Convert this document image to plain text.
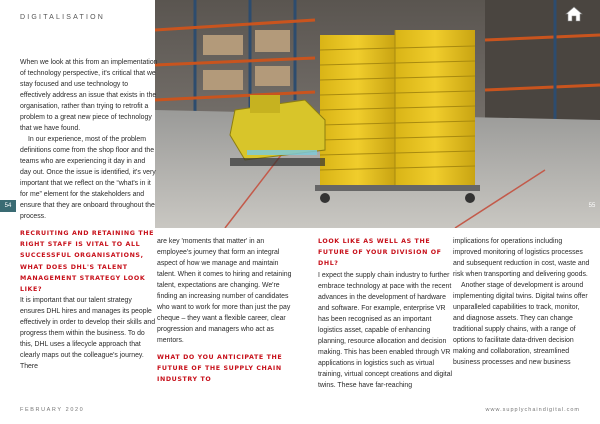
DIGITALISATION
54	55

When we look at this from an implementation of technology perspective, it's critical that we stay focused and use technology to effectively address an issue that exists in the organisation, rather than trying to retrofit a problem to a great new piece of technology that we have found.

In our experience, most of the problem definitions come from the shop floor and the teams who are experiencing it day in and day out. Once the issue is identified, it's very important that we reflect on the “what's in it for me” element for the stakeholders and ensure that they are onboard throughout the process.

RECRUITING AND RETAINING THE RIGHT STAFF IS VITAL TO ALL SUCCESSFUL ORGANISATIONS, WHAT DOES DHL'S TALENT MANAGEMENT STRATEGY LOOK LIKE?

It is important that our talent strategy ensures DHL hires and manages its people effectively in order to develop their skills and progress them within the business. To do this, DHL uses a lifecycle approach that clearly maps out the colleague's journey. There

are key 'moments that matter' in an employee's journey that form an integral aspect of how we manage and maintain talent. When it comes to hiring and retaining talent, expectations are changing. We're finding an increasing number of candidates who want to work for more than just the pay cheque – they want a flexible career, clear progression and managers who act as mentors.

WHAT DO YOU ANTICIPATE THE FUTURE OF THE SUPPLY CHAIN INDUSTRY TO

LOOK LIKE AS WELL AS THE FUTURE OF YOUR DIVISION OF DHL?

I expect the supply chain industry to further embrace technology at pace with the recent advances in the development of hardware and software. For example, enterprise VR has been recognised as an important logistics asset, capable of enhancing planning, resource allocation and decision making. This has been enabled through VR applications in logistics such as virtual training, virtual concept creations and digital twins. These have far-reaching

implications for operations including improved monitoring of logistics processes and subsequent reduction in cost, waste and risk when transporting and delivering goods.

Another stage of development is around implementing digital twins. Digital twins offer unparalleled capabilities to track, monitor, and diagnose assets. They can change traditional supply chains, with a range of options to facilitate data-driven decision making and collaboration, streamlined business processes and new business

FEBRUARY 2020	www.supplychaindigital.com
